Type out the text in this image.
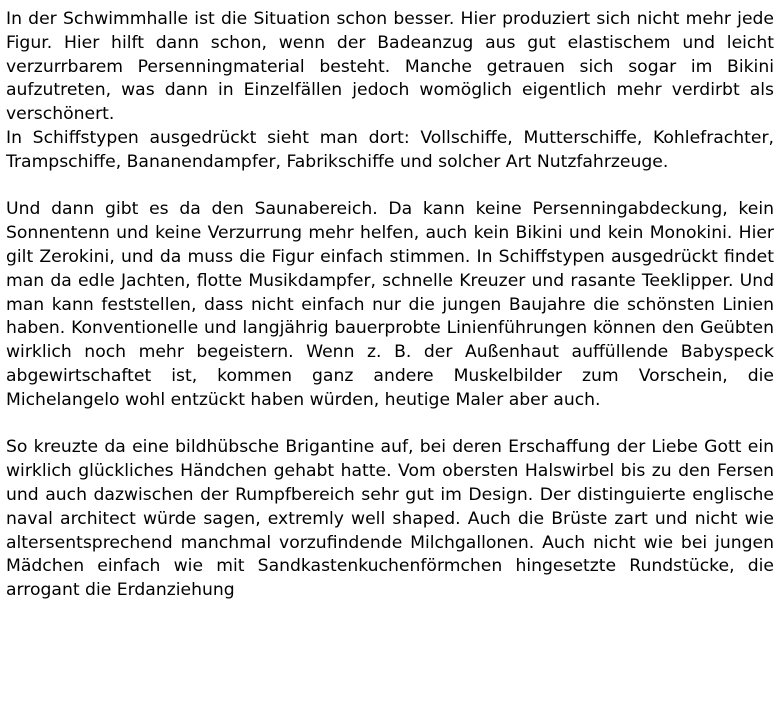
In der Schwimmhalle ist die Situation schon besser. Hier produziert sich nicht mehr jede Figur. Hier hilft dann schon, wenn der Badeanzug aus gut elastischem und leicht verzurrbarem Persenningmaterial besteht. Manche getrauen sich sogar im Bikini aufzutreten, was dann in Einzelfällen jedoch womöglich eigentlich mehr verdirbt als verschönert.

In Schiffstypen ausgedrückt sieht man dort: Vollschiffe, Mutterschiffe, Kohlefrachter, Trampschiffe, Bananendampfer, Fabrikschiffe und solcher Art Nutzfahrzeuge.

Und dann gibt es da den Saunabereich. Da kann keine Persenningabdeckung, kein Sonnentenn und keine Verzurrung mehr helfen, auch kein Bikini und kein Monokini. Hier gilt Zerokini, und da muss die Figur einfach stimmen. In Schiffstypen ausgedrückt findet man da edle Jachten, flotte Musikdampfer, schnelle Kreuzer und rasante Teeklipper. Und man kann feststellen, dass nicht einfach nur die jungen Baujahre die schönsten Linien haben. Konventionelle und langjährig bauerprobte Linienführungen können den Geübten wirklich noch mehr begeistern. Wenn z. B. der Außenhaut auffüllende Babyspeck abgewirtschaftet ist, kommen ganz andere Muskelbilder zum Vorschein, die Michelangelo wohl entzückt haben würden, heutige Maler aber auch.

So kreuzte da eine bildhübsche Brigantine auf, bei deren Erschaffung der Liebe Gott ein wirklich glückliches Händchen gehabt hatte. Vom obersten Halswirbel bis zu den Fersen und auch dazwischen der Rumpfbereich sehr gut im Design. Der distinguierte englische naval architect würde sagen, extremly well shaped. Auch die Brüste zart und nicht wie altersentsprechend manchmal vorzufindende Milchgallonen. Auch nicht wie bei jungen Mädchen einfach wie mit Sandkastenkuchenförmchen hingesetzte Rundstücke, die arrogant die Erdanziehung
